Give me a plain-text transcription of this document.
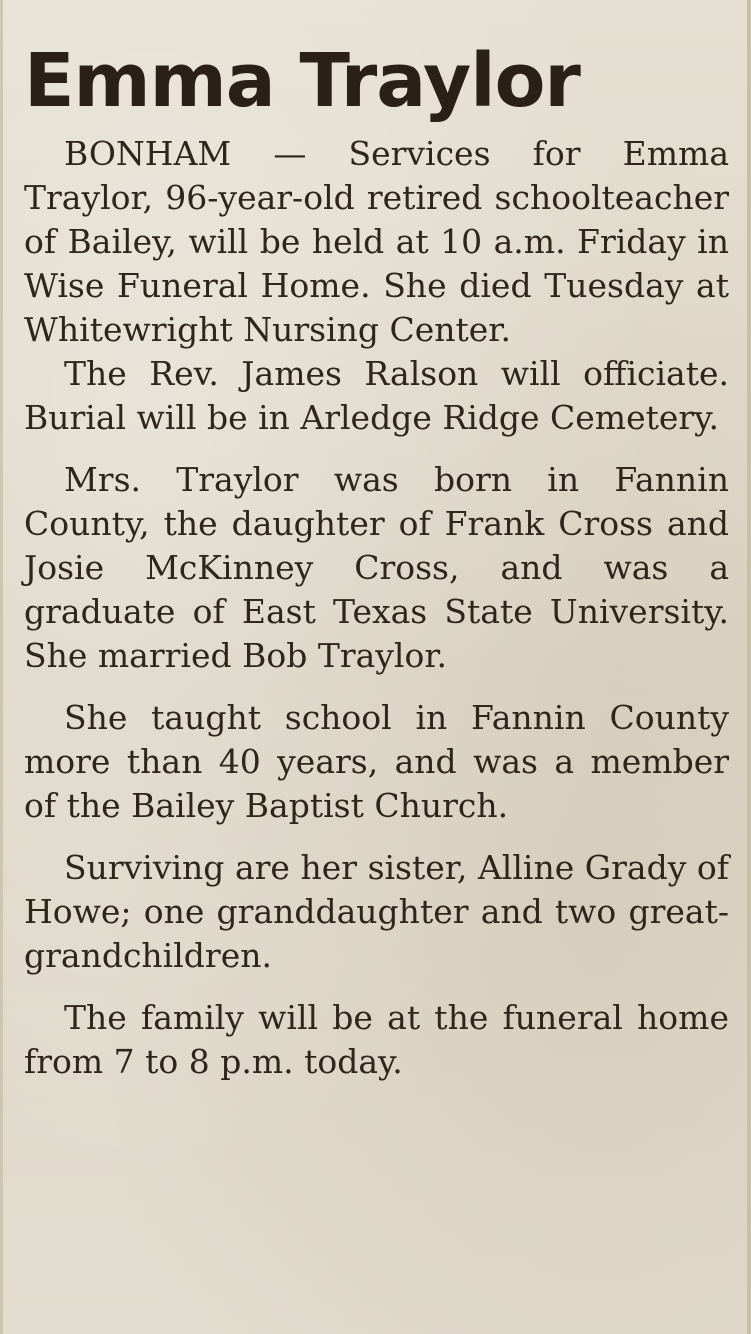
Emma Traylor

BONHAM — Services for Emma Traylor, 96-year-old retired schoolteacher of Bailey, will be held at 10 a.m. Friday in Wise Funeral Home. She died Tuesday at Whitewright Nursing Center.

The Rev. James Ralson will officiate. Burial will be in Arledge Ridge Cemetery.

Mrs. Traylor was born in Fannin County, the daughter of Frank Cross and Josie McKinney Cross, and was a graduate of East Texas State University. She married Bob Traylor.

She taught school in Fannin County more than 40 years, and was a member of the Bailey Baptist Church.

Surviving are her sister, Alline Grady of Howe; one granddaughter and two great-grandchildren.

The family will be at the funeral home from 7 to 8 p.m. today.
